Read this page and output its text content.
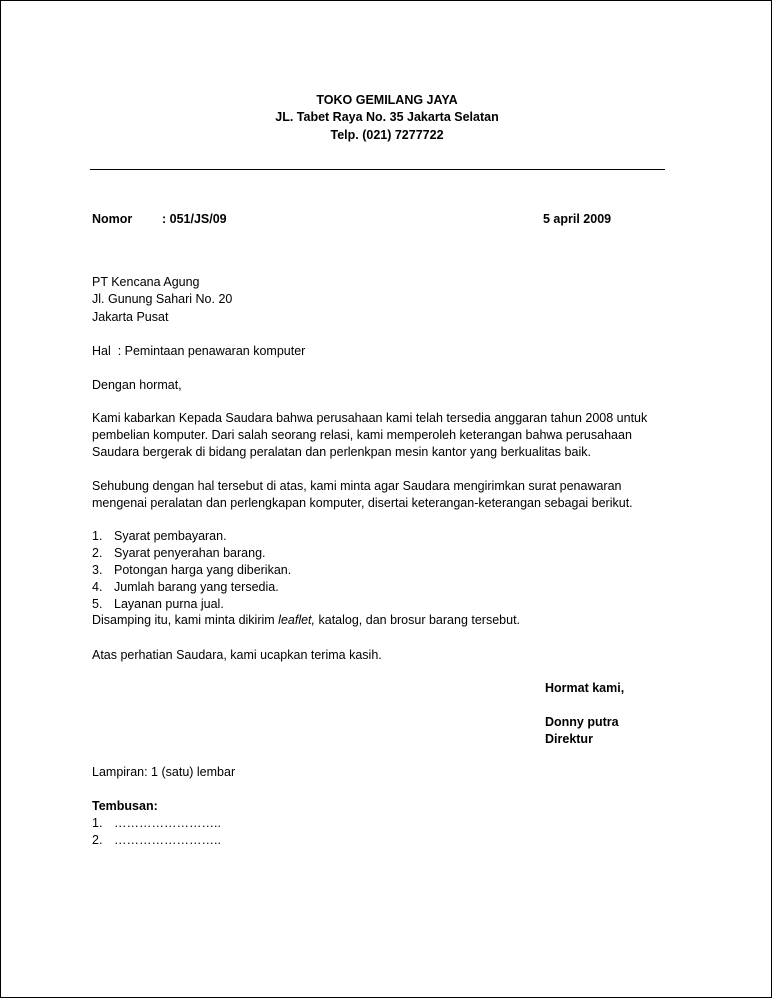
TOKO GEMILANG JAYA
JL. Tabet Raya No. 35 Jakarta Selatan
Telp. (021) 7277722
Nomor : 051/JS/09	5 april 2009
PT Kencana Agung
Jl. Gunung Sahari No. 20
Jakarta Pusat
Hal  : Pemintaan penawaran komputer
Dengan hormat,
Kami kabarkan Kepada Saudara bahwa perusahaan kami telah tersedia anggaran tahun 2008 untuk
pembelian komputer. Dari salah seorang relasi, kami memperoleh keterangan bahwa perusahaan
Saudara bergerak di bidang peralatan dan perlenkpan mesin kantor yang berkualitas baik.
Sehubung dengan hal tersebut di atas, kami minta agar Saudara mengirimkan surat penawaran
mengenai peralatan dan perlengkapan komputer, disertai keterangan-keterangan sebagai berikut.
1. Syarat pembayaran.
2. Syarat penyerahan barang.
3. Potongan harga yang diberikan.
4. Jumlah barang yang tersedia.
5. Layanan purna jual.
Disamping itu, kami minta dikirim leaflet, katalog, dan brosur barang tersebut.
Atas perhatian Saudara, kami ucapkan terima kasih.
Hormat kami,
Donny putra
Direktur
Lampiran: 1 (satu) lembar
Tembusan:
1. ……………………..
2. ……………………..
